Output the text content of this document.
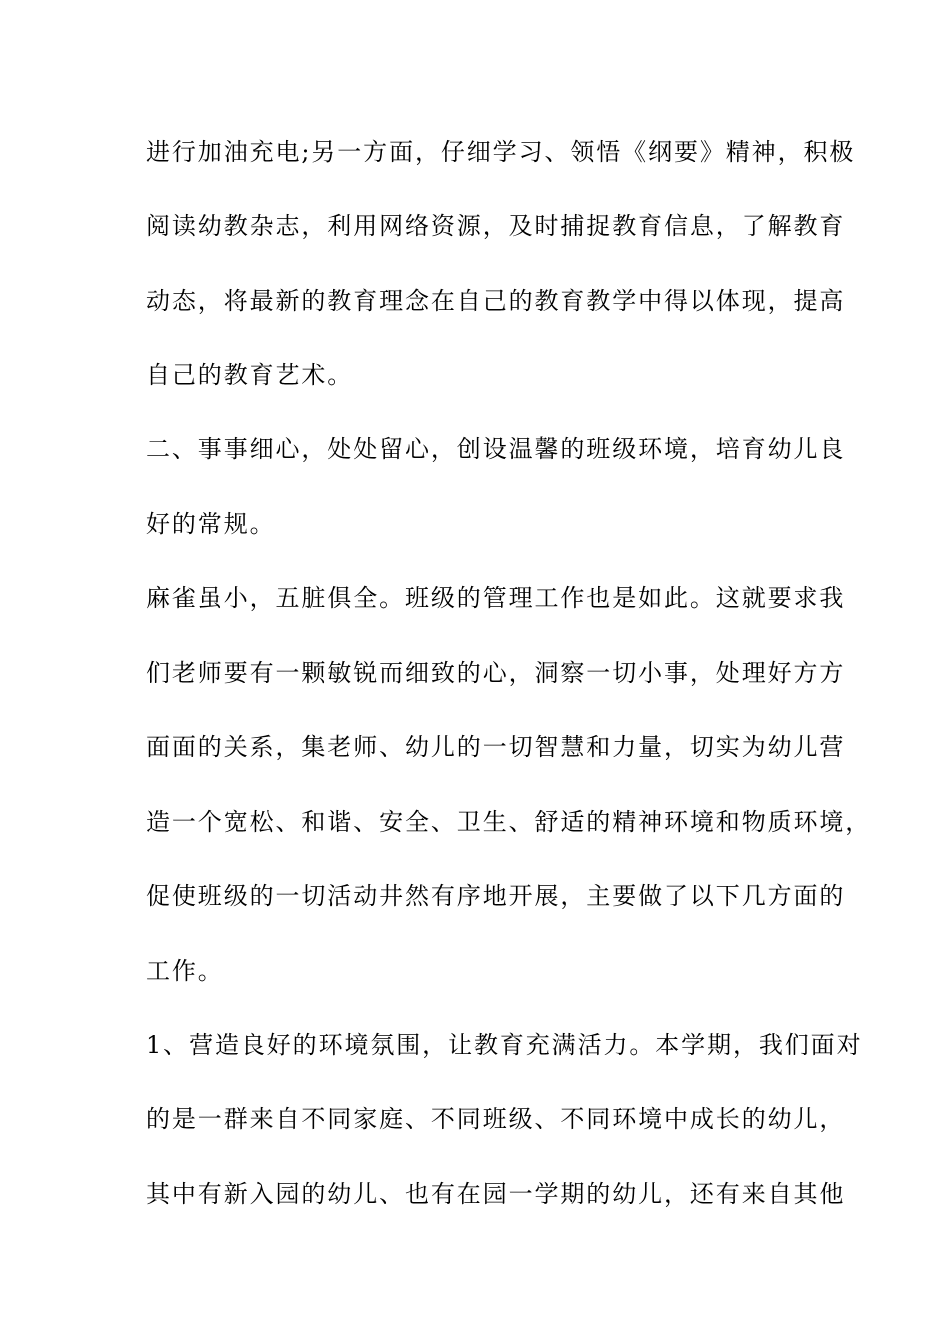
进行加油充电;另一方面，仔细学习、领悟《纲要》精神，积极
阅读幼教杂志，利用网络资源，及时捕捉教育信息，了解教育
动态，将最新的教育理念在自己的教育教学中得以体现，提高
自己的教育艺术。
二、事事细心，处处留心，创设温馨的班级环境，培育幼儿良
好的常规。
麻雀虽小，五脏俱全。班级的管理工作也是如此。这就要求我
们老师要有一颗敏锐而细致的心，洞察一切小事，处理好方方
面面的关系，集老师、幼儿的一切智慧和力量，切实为幼儿营
造一个宽松、和谐、安全、卫生、舒适的精神环境和物质环境，
促使班级的一切活动井然有序地开展，主要做了以下几方面的
工作。
1、营造良好的环境氛围，让教育充满活力。本学期，我们面对
的是一群来自不同家庭、不同班级、不同环境中成长的幼儿，
其中有新入园的幼儿、也有在园一学期的幼儿，还有来自其他
